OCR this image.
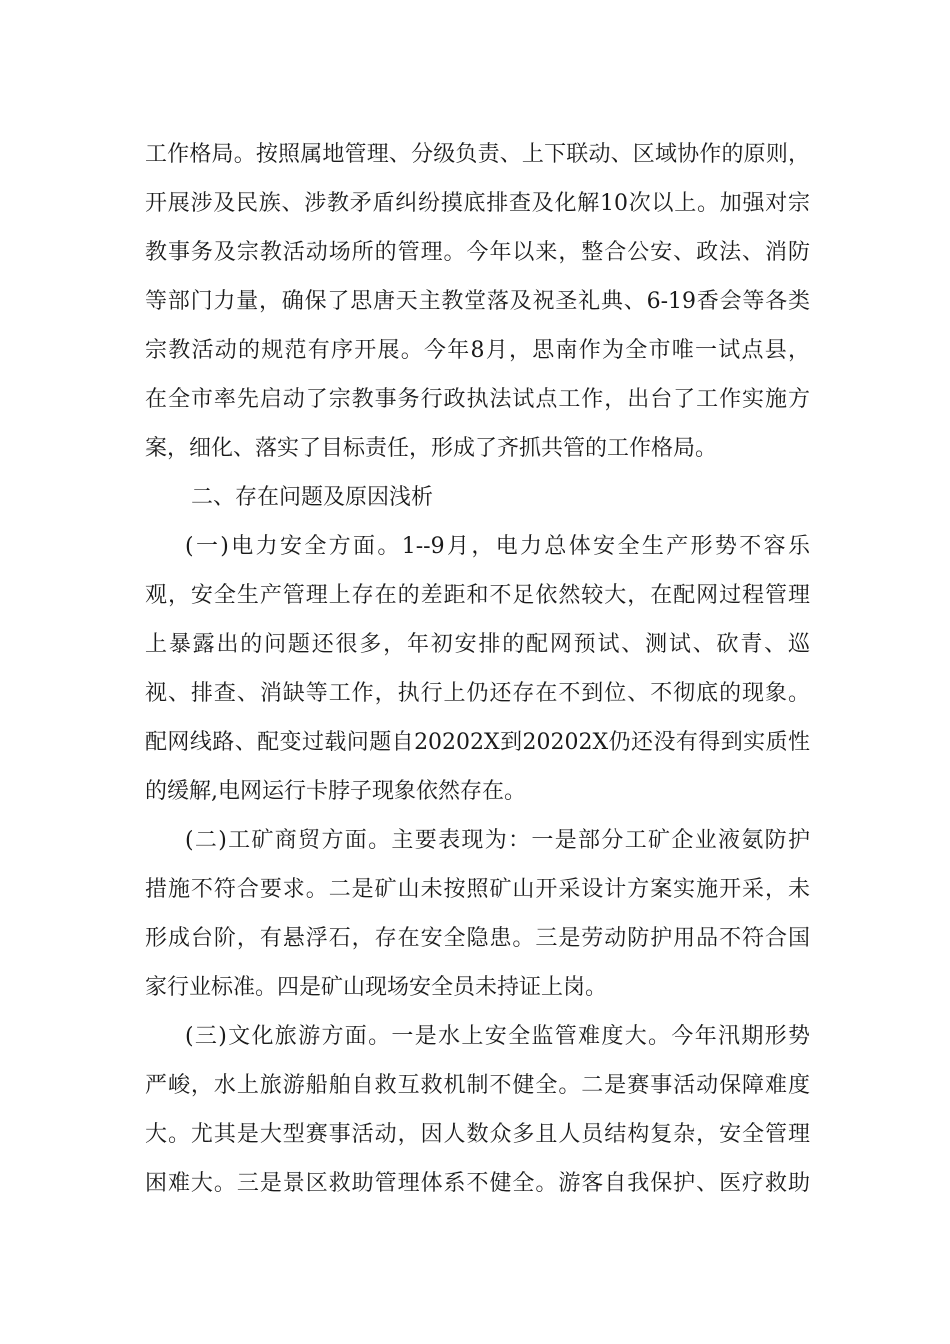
工作格局。按照属地管理、分级负责、上下联动、区域协作的原则，
开展涉及民族、涉教矛盾纠纷摸底排查及化解10次以上。加强对宗
教事务及宗教活动场所的管理。今年以来，整合公安、政法、消防
等部门力量，确保了思唐天主教堂落及祝圣礼典、6-19香会等各类
宗教活动的规范有序开展。今年8月，思南作为全市唯一试点县，
在全市率先启动了宗教事务行政执法试点工作，出台了工作实施方
案，细化、落实了目标责任，形成了齐抓共管的工作格局。
二、存在问题及原因浅析
(一)电力安全方面。1--9月，电力总体安全生产形势不容乐
观，安全生产管理上存在的差距和不足依然较大，在配网过程管理
上暴露出的问题还很多，年初安排的配网预试、测试、砍青、巡
视、排查、消缺等工作，执行上仍还存在不到位、不彻底的现象。
配网线路、配变过载问题自20202X到20202X仍还没有得到实质性
的缓解,电网运行卡脖子现象依然存在。
(二)工矿商贸方面。主要表现为：一是部分工矿企业液氨防护
措施不符合要求。二是矿山未按照矿山开采设计方案实施开采，未
形成台阶，有悬浮石，存在安全隐患。三是劳动防护用品不符合国
家行业标准。四是矿山现场安全员未持证上岗。
(三)文化旅游方面。一是水上安全监管难度大。今年汛期形势
严峻，水上旅游船舶自救互救机制不健全。二是赛事活动保障难度
大。尤其是大型赛事活动，因人数众多且人员结构复杂，安全管理
困难大。三是景区救助管理体系不健全。游客自我保护、医疗救助
